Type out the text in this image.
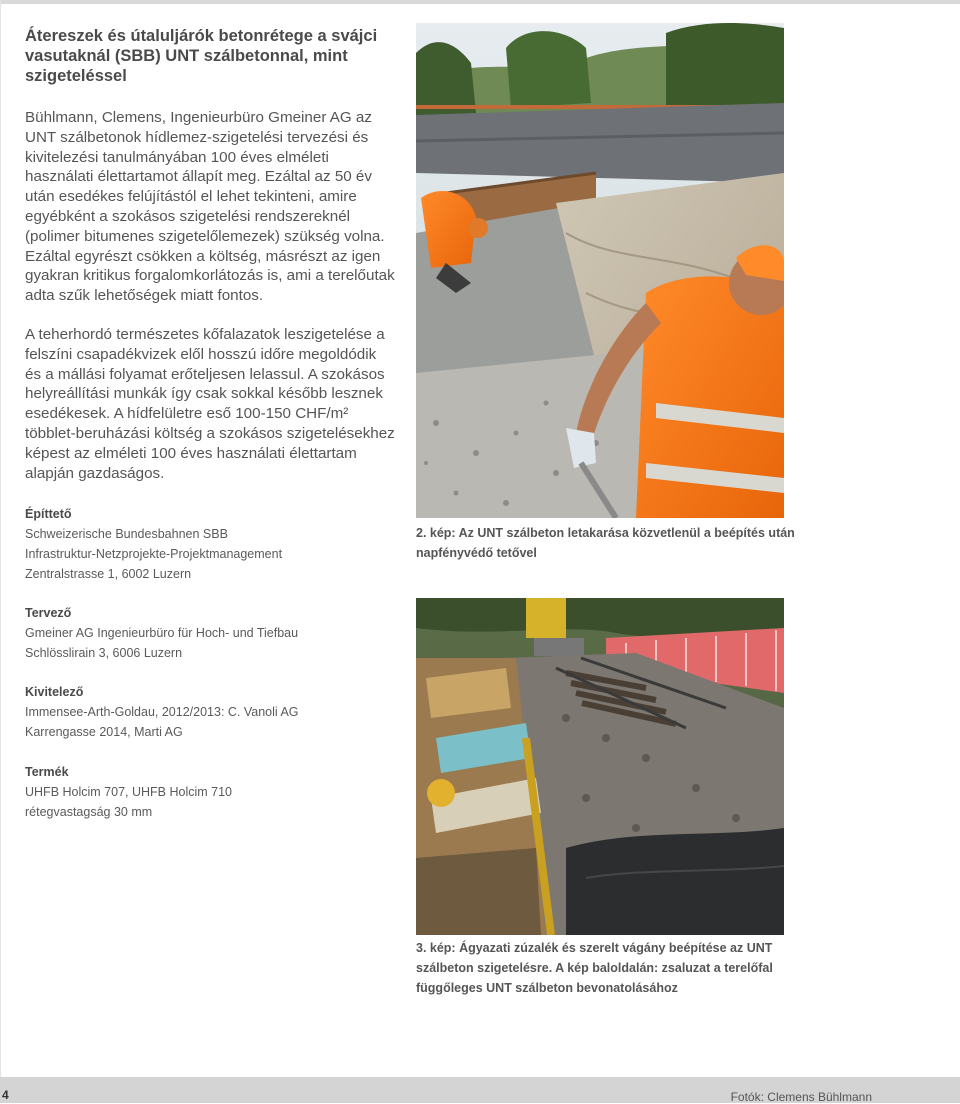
Átereszek és útaluljárók betonrétege a svájci vasutaknál (SBB) UNT szálbetonnal, mint szigeteléssel

Bühlmann, Clemens, Ingenieurbüro Gmeiner AG az UNT szálbetonok hídlemez-szigetelési tervezési és kivitelezési tanulmányában 100 éves elméleti használati élettartamot állapít meg. Ezáltal az 50 év után esedékes felújítástól el lehet tekinteni, amire egyébként a szokásos szigetelési rendszereknél (polimer bitumenes szigetelőlemezek) szükség volna. Ezáltal egyrészt csökken a költség, másrészt az igen gyakran kritikus forgalomkorlátozás is, ami a terelőutak adta szűk lehetőségek miatt fontos.

A teherhordó természetes kőfalazatok leszigetelése a felszíni csapadékvizek elől hosszú időre megoldódik és a mállási folyamat erőteljesen lelassul. A szokásos helyreállítási munkák így csak sokkal később lesznek esedékesek. A hídfelületre eső 100-150 CHF/m² többlet-beruházási költség a szokásos szigetelésekhez képest az elméleti 100 éves használati élettartam alapján gazdaságos.

Építtető

Schweizerische Bundesbahnen SBB

Infrastruktur-Netzprojekte-Projektmanagement

Zentralstrasse 1, 6002 Luzern

Tervező

Gmeiner AG Ingenieurbüro für Hoch- und Tiefbau

Schlösslirain 3, 6006 Luzern

Kivitelező

Immensee-Arth-Goldau, 2012/2013: C. Vanoli AG

Karrengasse 2014, Marti AG

Termék

UHFB Holcim 707, UHFB Holcim 710

rétegvastagság 30 mm

2. kép: Az UNT szálbeton letakarása közvetlenül a beépítés után napfényvédő tetővel

3. kép: Ágyazati zúzalék és szerelt vágány beépítése az UNT szálbeton szigetelésre. A kép baloldalán: zsaluzat a terelőfal függőleges UNT szálbeton bevonatolásához

4	Fotók: Clemens Bühlmann
